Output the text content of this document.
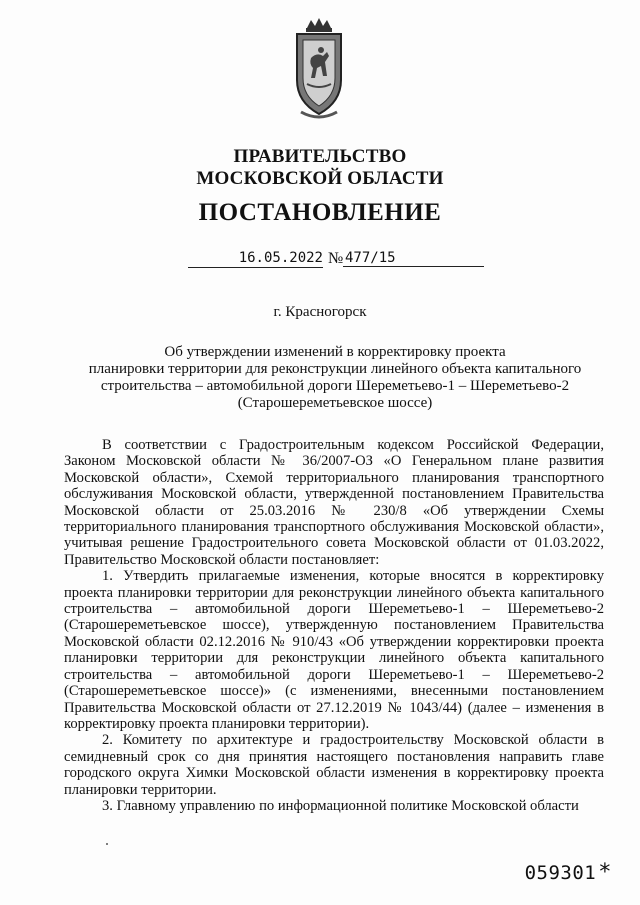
ПРАВИТЕЛЬСТВО
МОСКОВСКОЙ ОБЛАСТИ
ПОСТАНОВЛЕНИЕ
16.05.2022 № 477/15
г. Красногорск
Об утверждении изменений в корректировку проекта
планировки территории для реконструкции линейного объекта капитального
строительства – автомобильной дороги Шереметьево-1 – Шереметьево-2
(Старошереметьевское шоссе)

В соответствии с Градостроительным кодексом Российской Федерации, Законом Московской области № 36/2007-ОЗ «О Генеральном плане развития Московской области», Схемой территориального планирования транспортного обслуживания Московской области, утвержденной постановлением Правительства Московской области от 25.03.2016 № 230/8 «Об утверждении Схемы территориального планирования транспортного обслуживания Московской области», учитывая решение Градостроительного совета Московской области от 01.03.2022, Правительство Московской области постановляет:

1. Утвердить прилагаемые изменения, которые вносятся в корректировку проекта планировки территории для реконструкции линейного объекта капитального строительства – автомобильной дороги Шереметьево-1 – Шереметьево-2 (Старошереметьевское шоссе), утвержденную постановлением Правительства Московской области 02.12.2016 № 910/43 «Об утверждении корректировки проекта планировки территории для реконструкции линейного объекта капитального строительства – автомобильной дороги Шереметьево-1 – Шереметьево-2 (Старошереметьевское шоссе)» (с изменениями, внесенными постановлением Правительства Московской области от 27.12.2019 № 1043/44) (далее – изменения в корректировку проекта планировки территории).

2. Комитету по архитектуре и градостроительству Московской области в семидневный срок со дня принятия настоящего постановления направить главе городского округа Химки Московской области изменения в корректировку проекта планировки территории.

3. Главному управлению по информационной политике Московской области

059301*
